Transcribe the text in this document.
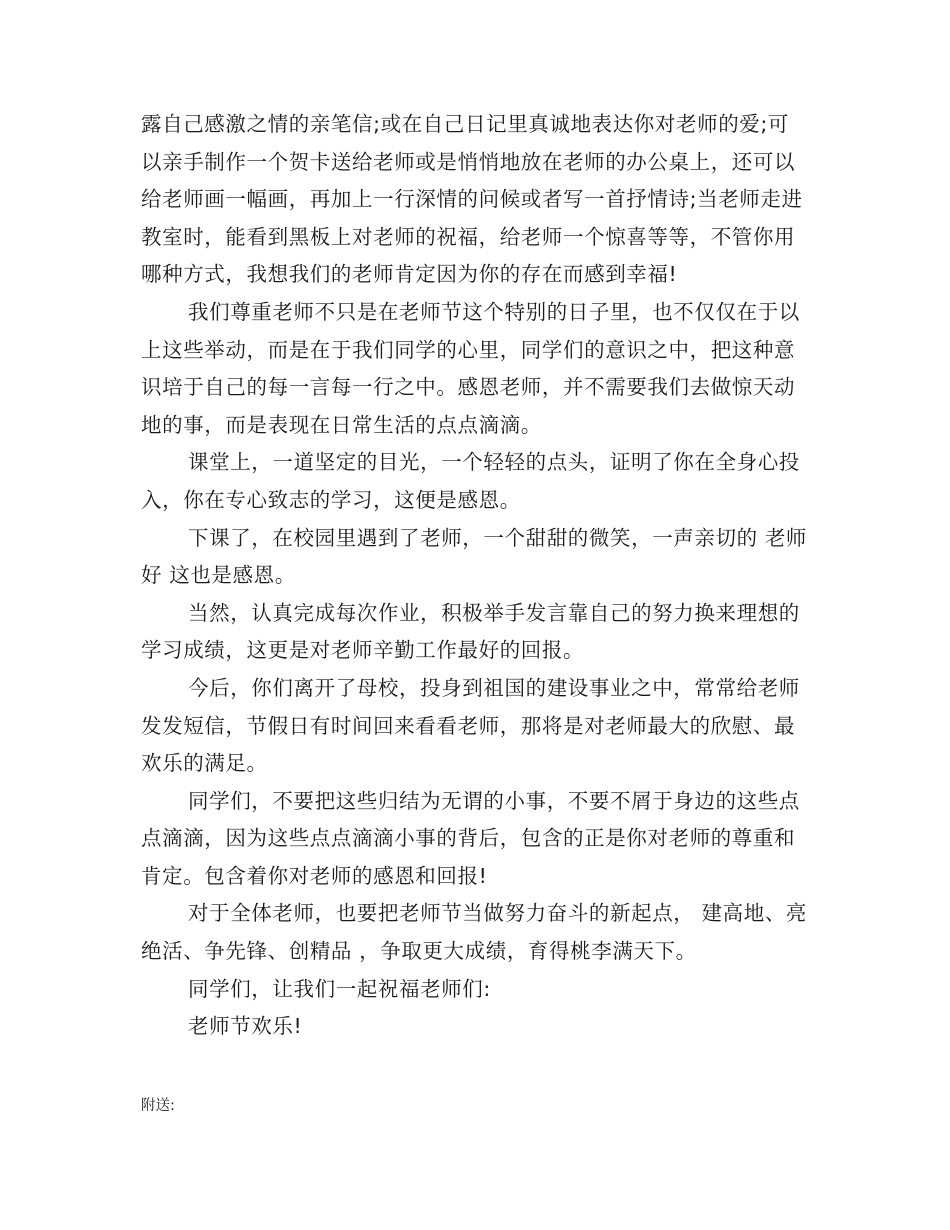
露自己感激之情的亲笔信;或在自己日记里真诚地表达你对老师的爱;可以亲手制作一个贺卡送给老师或是悄悄地放在老师的办公桌上，还可以给老师画一幅画，再加上一行深情的问候或者写一首抒情诗;当老师走进教室时，能看到黑板上对老师的祝福，给老师一个惊喜等等，不管你用哪种方式，我想我们的老师肯定因为你的存在而感到幸福!

我们尊重老师不只是在老师节这个特别的日子里，也不仅仅在于以上这些举动，而是在于我们同学的心里，同学们的意识之中，把这种意识培于自己的每一言每一行之中。感恩老师，并不需要我们去做惊天动地的事，而是表现在日常生活的点点滴滴。

课堂上，一道坚定的目光，一个轻轻的点头，证明了你在全身心投入，你在专心致志的学习，这便是感恩。

下课了，在校园里遇到了老师，一个甜甜的微笑，一声亲切的 老师好 这也是感恩。

当然，认真完成每次作业，积极举手发言靠自己的努力换来理想的学习成绩，这更是对老师辛勤工作最好的回报。

今后，你们离开了母校，投身到祖国的建设事业之中，常常给老师发发短信，节假日有时间回来看看老师，那将是对老师最大的欣慰、最欢乐的满足。

同学们，不要把这些归结为无谓的小事，不要不屑于身边的这些点点滴滴，因为这些点点滴滴小事的背后，包含的正是你对老师的尊重和肯定。包含着你对老师的感恩和回报!

对于全体老师，也要把老师节当做努力奋斗的新起点， 建高地、亮绝活、争先锋、创精品 ，争取更大成绩，育得桃李满天下。

同学们，让我们一起祝福老师们:

老师节欢乐!

附送:
